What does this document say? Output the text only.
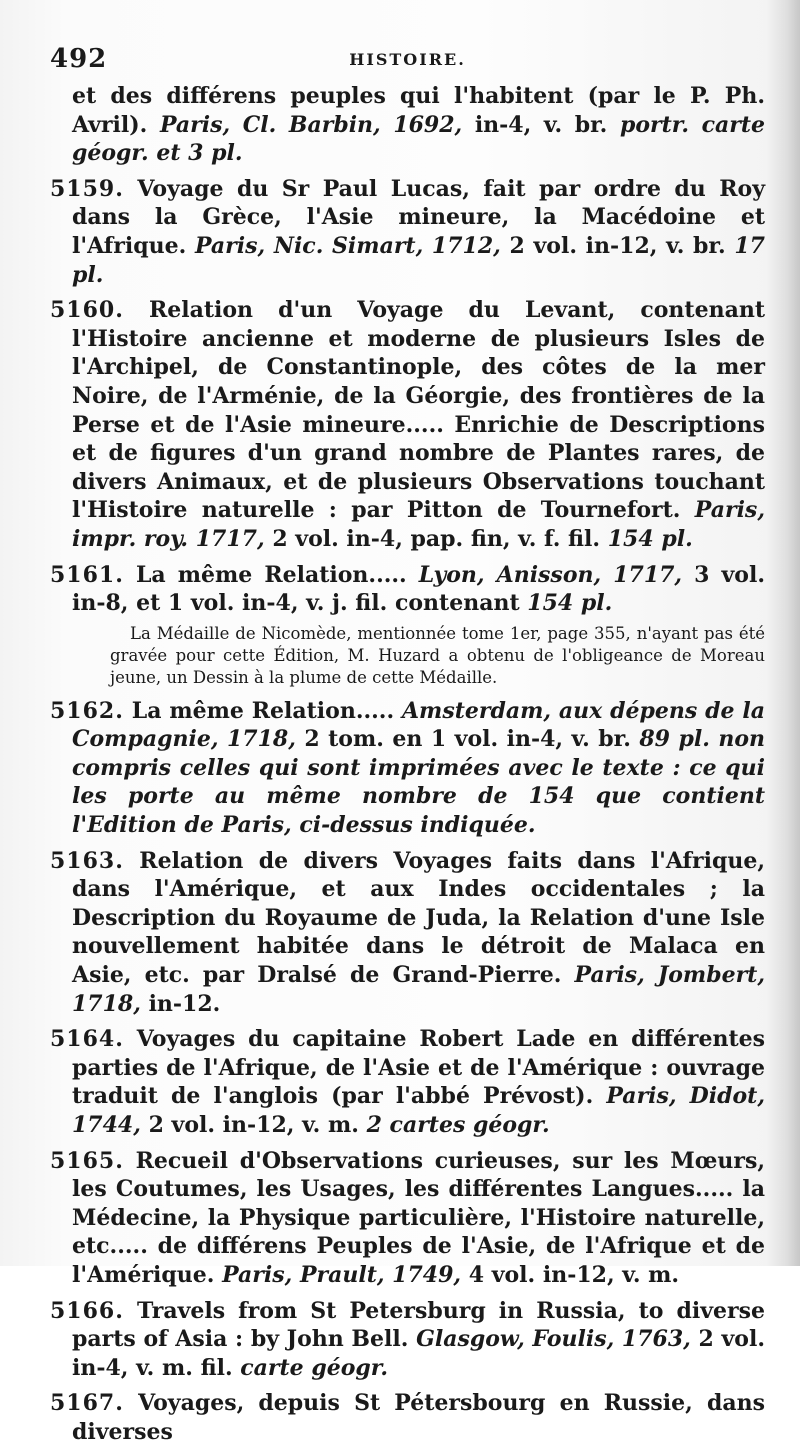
492	HISTOIRE.

et des différens peuples qui l'habitent (par le P. Ph. Avril). Paris, Cl. Barbin, 1692, in-4, v. br. portr. carte géogr. et 3 pl.

5159. Voyage du Sr Paul Lucas, fait par ordre du Roy dans la Grèce, l'Asie mineure, la Macédoine et l'Afrique. Paris, Nic. Simart, 1712, 2 vol. in-12, v. br. 17 pl.

5160. Relation d'un Voyage du Levant, contenant l'Histoire ancienne et moderne de plusieurs Isles de l'Archipel, de Constantinople, des côtes de la mer Noire, de l'Arménie, de la Géorgie, des frontières de la Perse et de l'Asie mineure..... Enrichie de Descriptions et de figures d'un grand nombre de Plantes rares, de divers Animaux, et de plusieurs Observations touchant l'Histoire naturelle : par Pitton de Tournefort. Paris, impr. roy. 1717, 2 vol. in-4, pap. fin, v. f. fil. 154 pl.

5161. La même Relation..... Lyon, Anisson, 1717, 3 vol. in-8, et 1 vol. in-4, v. j. fil. contenant 154 pl.

La Médaille de Nicomède, mentionnée tome 1er, page 355, n'ayant pas été gravée pour cette Édition, M. Huzard a obtenu de l'obligeance de Moreau jeune, un Dessin à la plume de cette Médaille.

5162. La même Relation..... Amsterdam, aux dépens de la Compagnie, 1718, 2 tom. en 1 vol. in-4, v. br. 89 pl. non compris celles qui sont imprimées avec le texte : ce qui les porte au même nombre de 154 que contient l'Edition de Paris, ci-dessus indiquée.

5163. Relation de divers Voyages faits dans l'Afrique, dans l'Amérique, et aux Indes occidentales ; la Description du Royaume de Juda, la Relation d'une Isle nouvellement habitée dans le détroit de Malaca en Asie, etc. par Dralsé de Grand-Pierre. Paris, Jombert, 1718, in-12.

5164. Voyages du capitaine Robert Lade en différentes parties de l'Afrique, de l'Asie et de l'Amérique : ouvrage traduit de l'anglois (par l'abbé Prévost). Paris, Didot, 1744, 2 vol. in-12, v. m. 2 cartes géogr.

5165. Recueil d'Observations curieuses, sur les Mœurs, les Coutumes, les Usages, les différentes Langues..... la Médecine, la Physique particulière, l'Histoire naturelle, etc..... de différens Peuples de l'Asie, de l'Afrique et de l'Amérique. Paris, Prault, 1749, 4 vol. in-12, v. m.

5166. Travels from St Petersburg in Russia, to diverse parts of Asia : by John Bell. Glasgow, Foulis, 1763, 2 vol. in-4, v. m. fil. carte géogr.

5167. Voyages, depuis St Pétersbourg en Russie, dans diverses
